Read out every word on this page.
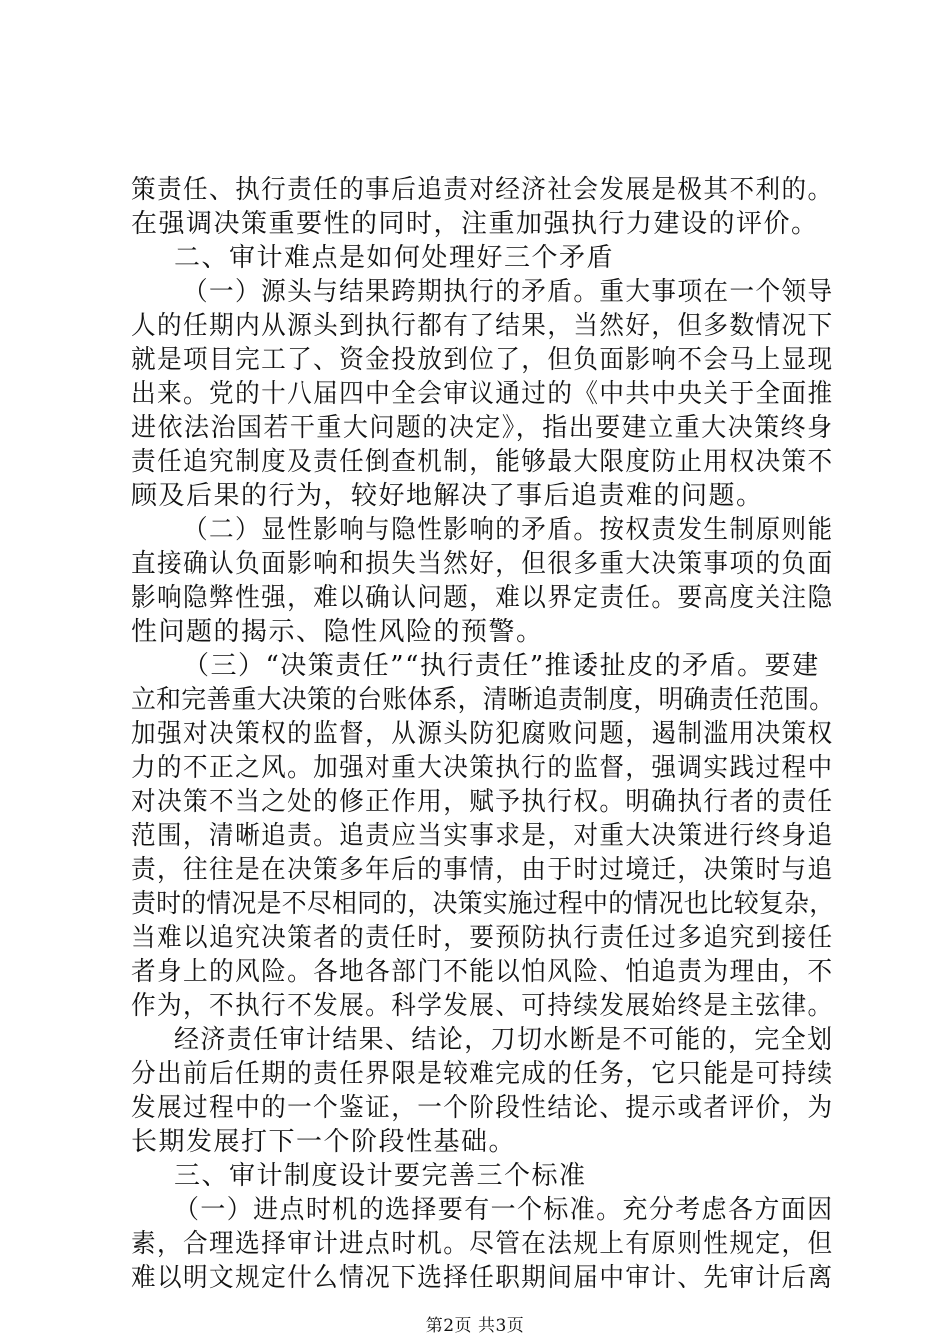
策责任、执行责任的事后追责对经济社会发展是极其不利的。
在强调决策重要性的同时，注重加强执行力建设的评价。
二、审计难点是如何处理好三个矛盾
（一）源头与结果跨期执行的矛盾。重大事项在一个领导
人的任期内从源头到执行都有了结果，当然好，但多数情况下
就是项目完工了、资金投放到位了，但负面影响不会马上显现
出来。党的十八届四中全会审议通过的《中共中央关于全面推
进依法治国若干重大问题的决定》，指出要建立重大决策终身
责任追究制度及责任倒查机制，能够最大限度防止用权决策不
顾及后果的行为，较好地解决了事后追责难的问题。
（二）显性影响与隐性影响的矛盾。按权责发生制原则能
直接确认负面影响和损失当然好，但很多重大决策事项的负面
影响隐弊性强，难以确认问题，难以界定责任。要高度关注隐
性问题的揭示、隐性风险的预警。
（三）“决策责任”“执行责任”推诿扯皮的矛盾。要建
立和完善重大决策的台账体系，清晰追责制度，明确责任范围。
加强对决策权的监督，从源头防犯腐败问题，遏制滥用决策权
力的不正之风。加强对重大决策执行的监督，强调实践过程中
对决策不当之处的修正作用，赋予执行权。明确执行者的责任
范围，清晰追责。追责应当实事求是，对重大决策进行终身追
责，往往是在决策多年后的事情，由于时过境迁，决策时与追
责时的情况是不尽相同的，决策实施过程中的情况也比较复杂，
当难以追究决策者的责任时，要预防执行责任过多追究到接任
者身上的风险。各地各部门不能以怕风险、怕追责为理由，不
作为，不执行不发展。科学发展、可持续发展始终是主弦律。
经济责任审计结果、结论，刀切水断是不可能的，完全划
分出前后任期的责任界限是较难完成的任务，它只能是可持续
发展过程中的一个鉴证，一个阶段性结论、提示或者评价，为
长期发展打下一个阶段性基础。
三、审计制度设计要完善三个标准
（一）进点时机的选择要有一个标准。充分考虑各方面因
素，合理选择审计进点时机。尽管在法规上有原则性规定，但
难以明文规定什么情况下选择任职期间届中审计、先审计后离
第2页 共3页
